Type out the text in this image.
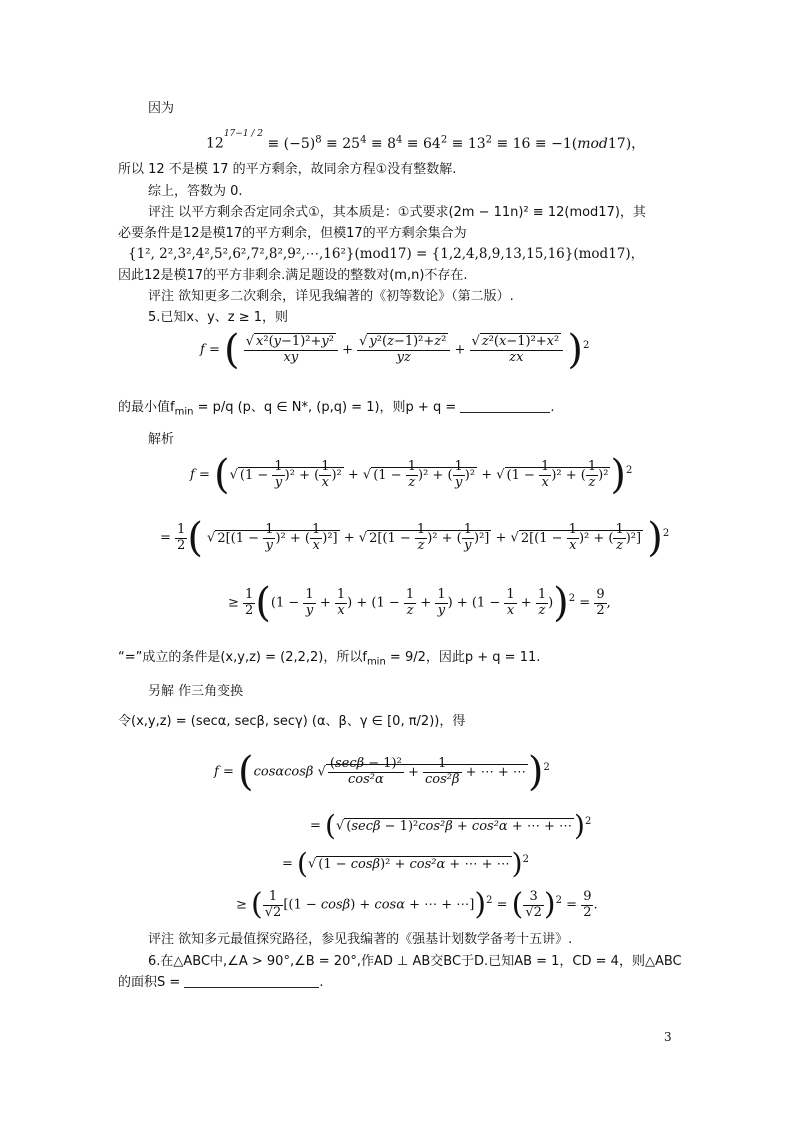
因为
$12^{17-1 / 2} \equiv (-5)^8 \equiv 25^4 \equiv 8^4 \equiv 64^2 \equiv 13^2 \equiv 16 \equiv -1(mod17)$，
所以 12 不是模 17 的平方剩余，故同余方程①没有整数解.
综上，答数为 0.
评注 以平方剩余否定同余式①，其本质是：①式要求(2m − 11n)² ≡ 12(mod17)，其
必要条件是12是模17的平方剩余，但模17的平方剩余集合为
{1², 2²,3²,4²,5²,6²,7²,8²,9²,⋯,16²}(mod17) = {1,2,4,8,9,13,15,16}(mod17)，
因此12是模17的平方非剩余.满足题设的整数对(m,n)不存在.
评注 欲知更多二次剩余，详见我编著的《初等数论》（第二版）.
5.已知x、y、z ≥ 1，则
f = ( $\frac{\text{√ x²(y−1)²+y²}}{xy} + \frac{\text{√ y²(z−1)²+z²}}{yz} + \frac{\text{√ z²(x−1)²+x²}}{zx} )^2$
的最小值$f_{min} = p/q$ (p、q ∈ N*, (p,q) = 1)，则p + q =	.
解析
f = (√ $(1 - \frac{1}{y} )^2$ + ( $\frac{1}{x} )^2$ + √ $(1 - \frac{1}{z} )^2$ + ( $\frac{1}{y} )^2$ + √ $(1 - \frac{1}{x} )^2$ + ( $\frac{1}{z} )^2)^2$
= $\frac{1}{2}$ ( √ $2[(1 - \frac{1}{y} )^2$ + ( $\frac{1}{x} )^2$] + √ $2[(1 - \frac{1}{z} )^2$ + ( $\frac{1}{y} )^2$] + √ $2[(1 - \frac{1}{x} )^2$ + ( $\frac{1}{z} )^2$] )$^2$
≥ $\frac{1}{2} ((1 - \frac{1}{y} + \frac{1}{x}$ ) + ($1 - \frac{1}{z} + \frac{1}{y}$ ) + $(1 - \frac{1}{x} + \frac{1}{z} ))^2 = \frac{9}{2}$ ,
“=”成立的条件是(x,y,z) = (2,2,2)，所以$f_{min} = 9/2$，因此p + q = 11.
另解 作三角变换
令(x,y,z) = (secα, secβ, secγ) (α、β、γ ∈ [0, π/2))，得
f = (cosαcosβ √ $\frac{\text{(secβ − 1)²}}{\text{cos²α}} + \frac{1}{\text{cos²β}}$ + ⋯ + ⋯)$^2$
= (√ (secβ − 1)²cos²β + cos²α + ⋯ + ⋯)$^2$
= (√ (1 − cosβ)² + cos²α + ⋯ + ⋯)$^2$
≥ ( $\frac{1}{√2} [(1 - \cos\beta) + \cos\alpha$ + ⋯ + ⋯])$^2$ = ( $\frac{3}{√2} )^2 = \frac{9}{2}$ .
评注 欲知多元最值探究路径，参见我编著的《强基计划数学备考十五讲》.
6.在△ABC中,∠A > 90°,∠B = 20°,作AD ⊥ AB交BC于D.已知AB = 1，CD = 4，则△ABC
的面积S =	.
3
